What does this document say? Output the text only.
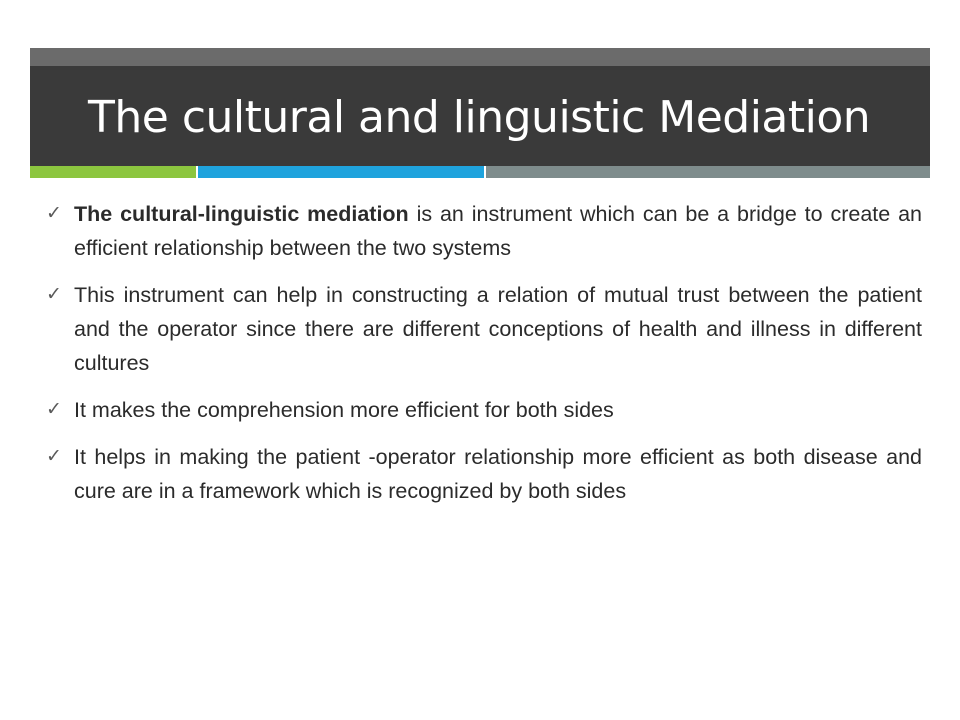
The cultural and linguistic Mediation
✓ The cultural-linguistic mediation is an instrument which can be a bridge to create an efficient relationship between the two systems
✓ This instrument can help in constructing a relation of mutual trust between the patient and the operator since there are different conceptions of health and illness in different cultures
✓ It makes the comprehension more efficient for both sides
✓ It helps in making the patient -operator relationship more efficient as both disease and cure are in a framework which is recognized by both sides
